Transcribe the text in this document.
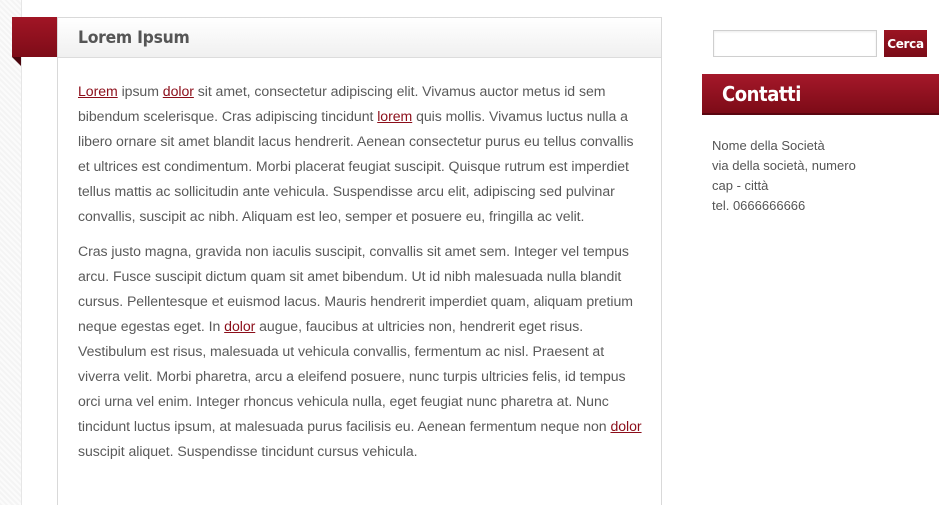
Lorem Ipsum

Lorem ipsum dolor sit amet, consectetur adipiscing elit. Vivamus auctor metus id sem bibendum scelerisque. Cras adipiscing tincidunt lorem quis mollis. Vivamus luctus nulla a libero ornare sit amet blandit lacus hendrerit. Aenean consectetur purus eu tellus convallis et ultrices est condimentum. Morbi placerat feugiat suscipit. Quisque rutrum est imperdiet tellus mattis ac sollicitudin ante vehicula. Suspendisse arcu elit, adipiscing sed pulvinar convallis, suscipit ac nibh. Aliquam est leo, semper et posuere eu, fringilla ac velit.

Cras justo magna, gravida non iaculis suscipit, convallis sit amet sem. Integer vel tempus arcu. Fusce suscipit dictum quam sit amet bibendum. Ut id nibh malesuada nulla blandit cursus. Pellentesque et euismod lacus. Mauris hendrerit imperdiet quam, aliquam pretium neque egestas eget. In dolor augue, faucibus at ultricies non, hendrerit eget risus. Vestibulum est risus, malesuada ut vehicula convallis, fermentum ac nisl. Praesent at viverra velit. Morbi pharetra, arcu a eleifend posuere, nunc turpis ultricies felis, id tempus orci urna vel enim. Integer rhoncus vehicula nulla, eget feugiat nunc pharetra at. Nunc tincidunt luctus ipsum, at malesuada purus facilisis eu. Aenean fermentum neque non dolor suscipit aliquet. Suspendisse tincidunt cursus vehicula.

Cerca
Contatti
Nome della Società
via della società, numero
cap - città
tel. 0666666666
